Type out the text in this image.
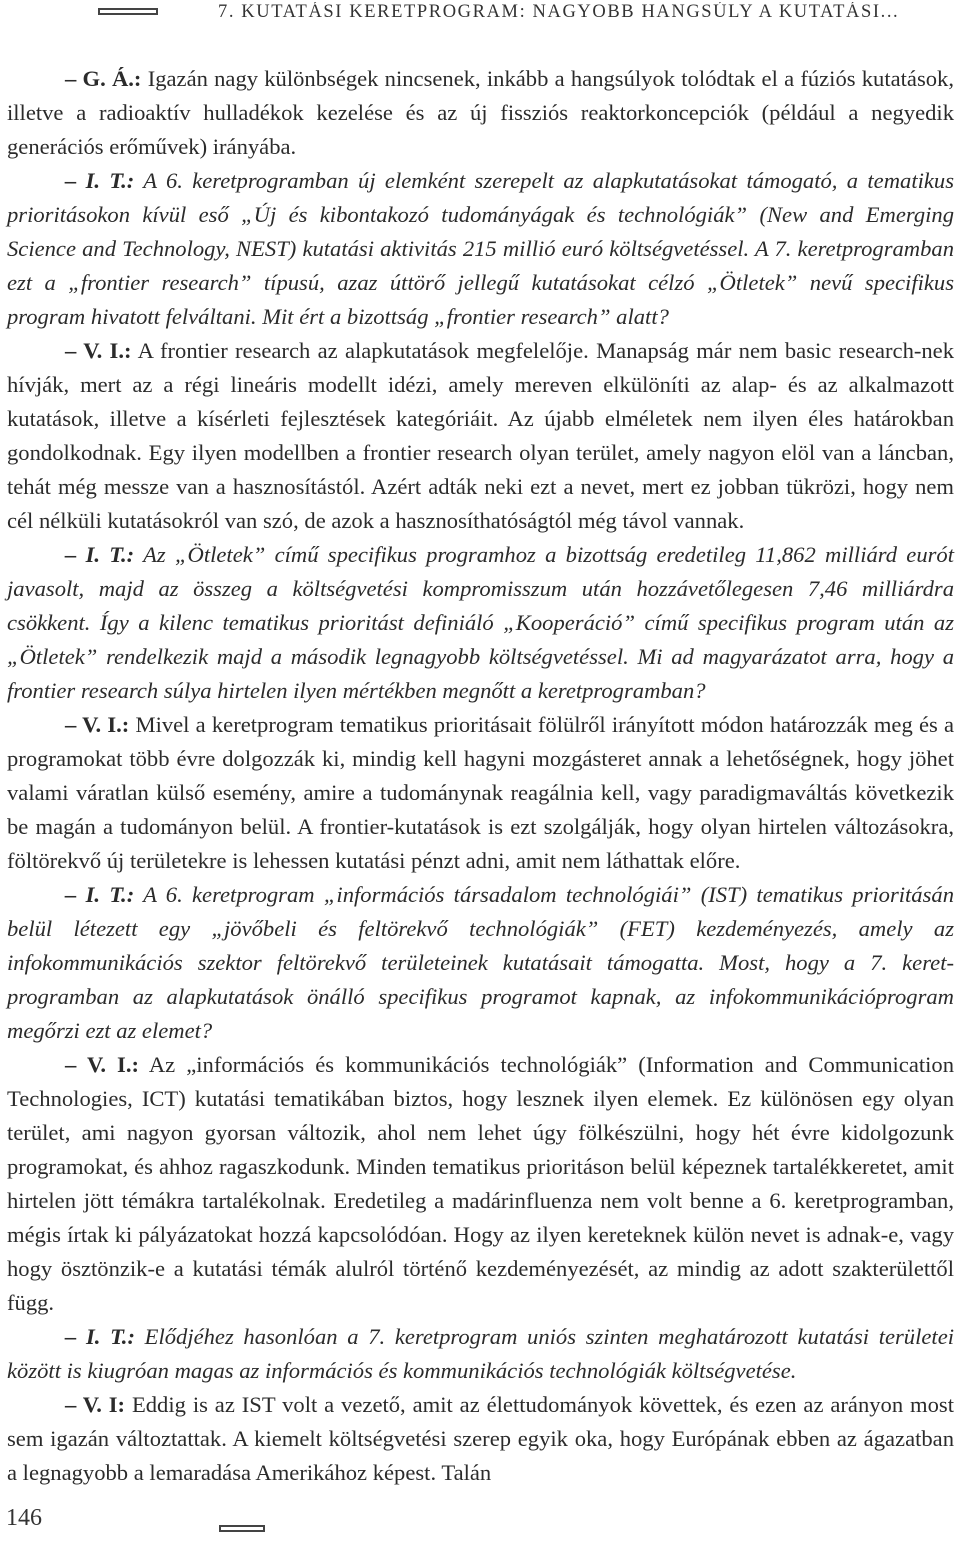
7. KUTATÁSI KERETPROGRAM: NAGYOBB HANGSÚLY A KUTATÁSI...

– G. Á.: Igazán nagy különbségek nincsenek, inkább a hangsúlyok tolódtak el a fúziós kutatások, illetve a radioaktív hulladékok kezelése és az új fissziós reaktorkoncepciók (például a negyedik generációs erőművek) irányába.

– I. T.: A 6. keretprogramban új elemként szerepelt az alapkutatásokat támogató, a tematikus prioritásokon kívül eső „Új és kibontakozó tudományágak és technológiák” (New and Emerging Science and Technology, NEST) kutatási aktivitás 215 millió euró költségvetéssel. A 7. keretprogramban ezt a „frontier research” típusú, azaz úttörő jellegű kutatásokat célzó „Ötletek” nevű specifikus program hivatott felváltani. Mit ért a bizottság „frontier research” alatt?

– V. I.: A frontier research az alapkutatások megfelelője. Manapság már nem basic research-nek hívják, mert az a régi lineáris modellt idézi, amely mereven elkülöníti az alap- és az alkalmazott kutatások, illetve a kísérleti fejlesztések kategóriáit. Az újabb elméletek nem ilyen éles határokban gondolkodnak. Egy ilyen modellben a frontier research olyan terület, amely nagyon elöl van a láncban, tehát még messze van a hasznosítástól. Azért adták neki ezt a nevet, mert ez jobban tükrözi, hogy nem cél nélküli kutatásokról van szó, de azok a hasznosíthatóságtól még távol vannak.

– I. T.: Az „Ötletek” című specifikus programhoz a bizottság eredetileg 11,862 milliárd eurót javasolt, majd az összeg a költségvetési kompromisszum után hozzávetőlegesen 7,46 milliárdra csökkent. Így a kilenc tematikus prioritást definiáló „Kooperáció” című specifikus program után az „Ötletek” rendelkezik majd a második legnagyobb költségvetéssel. Mi ad magyarázatot arra, hogy a frontier research súlya hirtelen ilyen mértékben megnőtt a keretprogramban?

– V. I.: Mivel a keretprogram tematikus prioritásait fölülről irányított módon határozzák meg és a programokat több évre dolgozzák ki, mindig kell hagyni mozgásteret annak a lehetőségnek, hogy jöhet valami váratlan külső esemény, amire a tudománynak reagálnia kell, vagy paradigmaváltás következik be magán a tudományon belül. A frontier-kutatások is ezt szolgálják, hogy olyan hirtelen változásokra, föltörekvő új területekre is lehessen kutatási pénzt adni, amit nem láthattak előre.

– I. T.: A 6. keretprogram „információs társadalom technológiái” (IST) tematikus prioritásán belül létezett egy „jövőbeli és feltörekvő technológiák” (FET) kezdeményezés, amely az infokommunikációs szektor feltörekvő területeinek kutatásait támogatta. Most, hogy a 7. keretprogramban az alapkutatások önálló specifikus programot kapnak, az infokommunikációprogram megőrzi ezt az elemet?

– V. I.: Az „információs és kommunikációs technológiák” (Information and Communication Technologies, ICT) kutatási tematikában biztos, hogy lesznek ilyen elemek. Ez különösen egy olyan terület, ami nagyon gyorsan változik, ahol nem lehet úgy fölkészülni, hogy hét évre kidolgozunk programokat, és ahhoz ragaszkodunk. Minden tematikus prioritáson belül képeznek tartalékkeretet, amit hirtelen jött témákra tartalékolnak. Eredetileg a madárinfluenza nem volt benne a 6. keretprogramban, mégis írtak ki pályázatokat hozzá kapcsolódóan. Hogy az ilyen kereteknek külön nevet is adnak-e, vagy hogy ösztönzik-e a kutatási témák alulról történő kezdeményezését, az mindig az adott szakterülettől függ.

– I. T.: Elődjéhez hasonlóan a 7. keretprogram uniós szinten meghatározott kutatási területei között is kiugróan magas az információs és kommunikációs technológiák költségvetése.

– V. I: Eddig is az IST volt a vezető, amit az élettudományok követtek, és ezen az arányon most sem igazán változtattak. A kiemelt költségvetési szerep egyik oka, hogy Európának ebben az ágazatban a legnagyobb a lemaradása Amerikához képest. Talán

146
